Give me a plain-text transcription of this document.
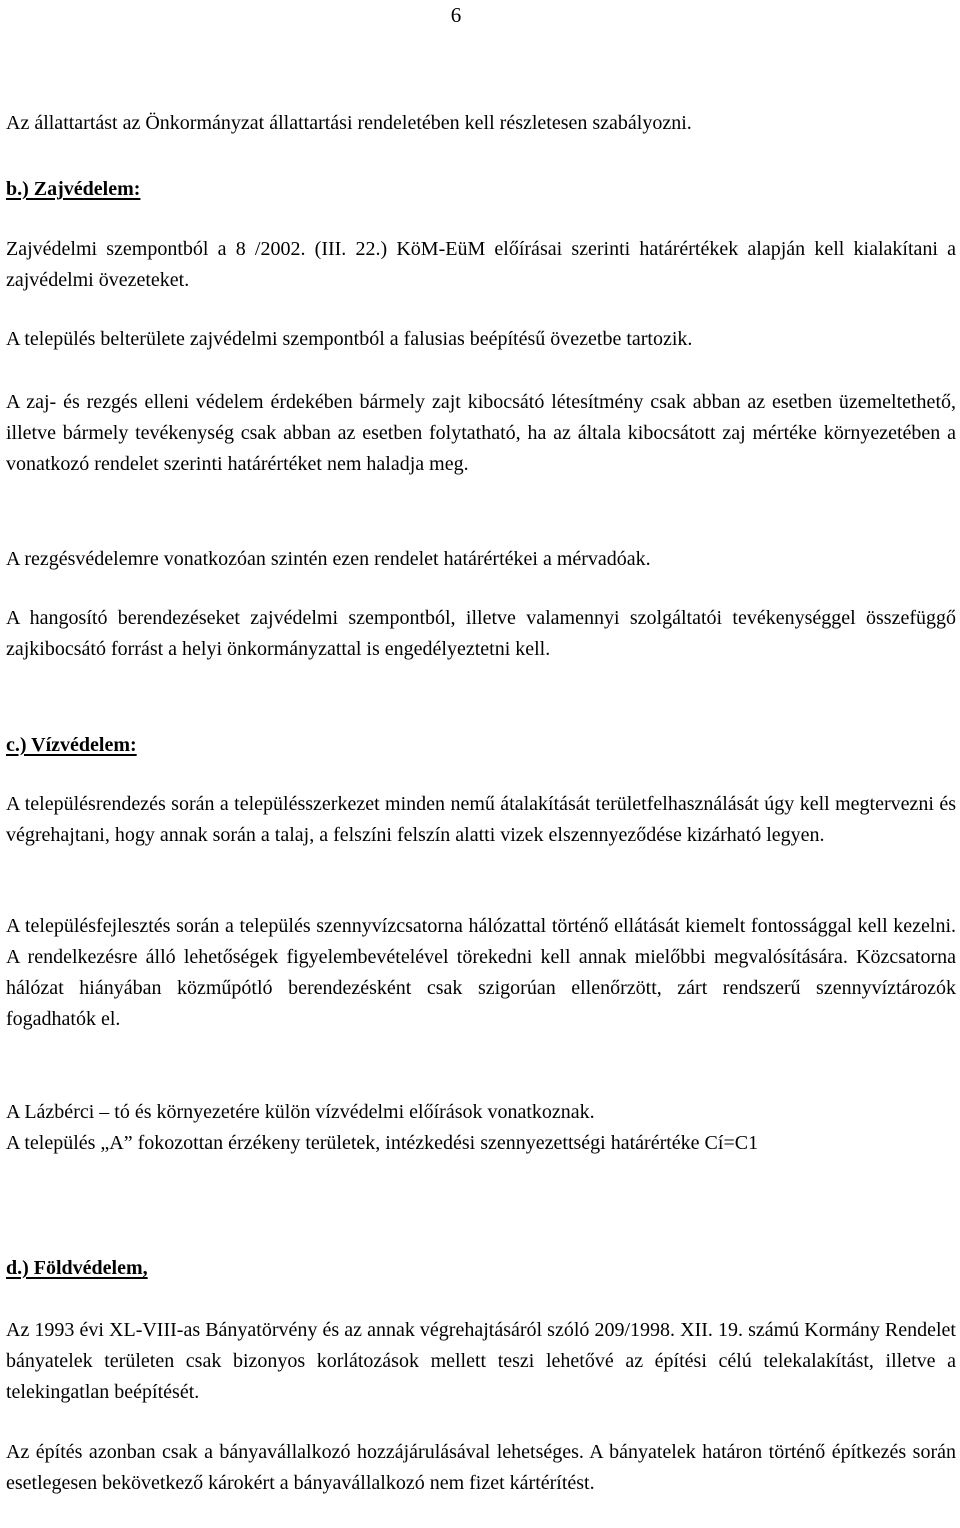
6

Az állattartást az Önkormányzat állattartási rendeletében kell részletesen szabályozni.

b.) Zajvédelem:

Zajvédelmi szempontból a 8 /2002. (III. 22.) KöM-EüM előírásai szerinti határértékek alapján kell kialakítani a zajvédelmi övezeteket.

A település belterülete zajvédelmi szempontból a falusias beépítésű övezetbe tartozik.

A zaj- és rezgés elleni védelem érdekében bármely zajt kibocsátó létesítmény csak abban az esetben üzemeltethető, illetve bármely tevékenység csak abban az esetben folytatható, ha az általa kibocsátott zaj mértéke környezetében a vonatkozó rendelet szerinti határértéket nem haladja meg.

A rezgésvédelemre vonatkozóan szintén ezen rendelet határértékei a mérvadóak.

A hangosító berendezéseket zajvédelmi szempontból, illetve valamennyi szolgáltatói tevékenységgel összefüggő zajkibocsátó forrást a helyi önkormányzattal is engedélyeztetni kell.

c.) Vízvédelem:

A településrendezés során a településszerkezet minden nemű átalakítását területfelhasználását úgy kell megtervezni és végrehajtani, hogy annak során a talaj, a felszíni felszín alatti vizek elszennyeződése kizárható legyen.

A településfejlesztés során a település szennyvízcsatorna hálózattal történő ellátását kiemelt fontossággal kell kezelni. A rendelkezésre álló lehetőségek figyelembevételével törekedni kell annak mielőbbi megvalósítására. Közcsatorna hálózat hiányában közműpótló berendezésként csak szigorúan ellenőrzött, zárt rendszerű szennyvíztározók fogadhatók el.

A Lázbérci – tó és környezetére külön vízvédelmi előírások vonatkoznak.

A település „A” fokozottan érzékeny területek, intézkedési szennyezettségi határértéke Cí=C1

d.) Földvédelem,

Az 1993 évi XL-VIII-as Bányatörvény és az annak végrehajtásáról szóló 209/1998. XII. 19. számú Kormány Rendelet bányatelek területen csak bizonyos korlátozások mellett teszi lehetővé az építési célú telekalakítást, illetve a telekingatlan beépítését.

Az építés azonban csak a bányavállalkozó hozzájárulásával lehetséges. A bányatelek határon történő építkezés során esetlegesen bekövetkező károkért a bányavállalkozó nem fizet kártérítést.
